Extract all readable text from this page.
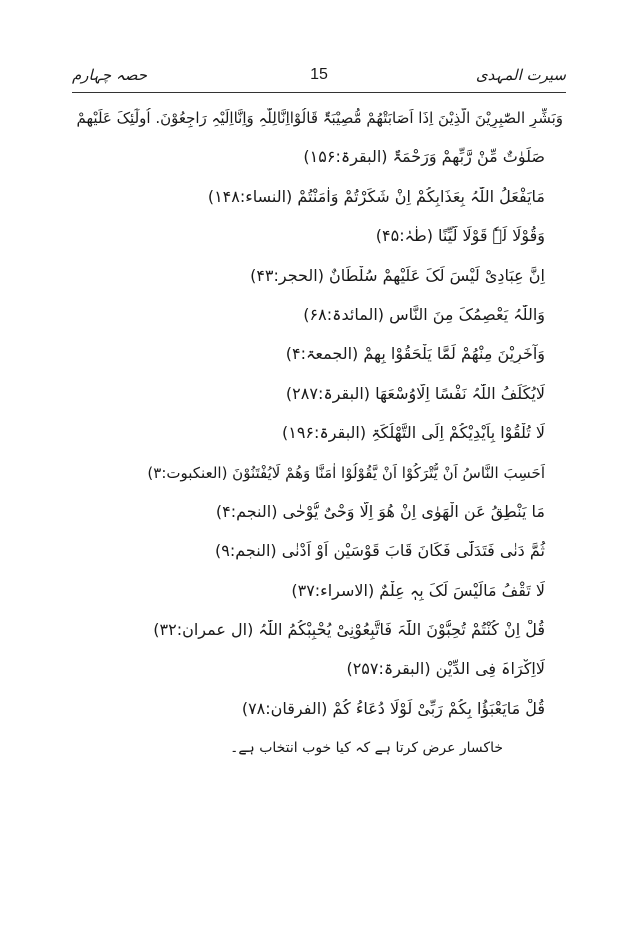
حصہ چہارم	15	سیرت المہدی
وَبَشِّرِ الصّٰبِرِیْنَ الَّذِیْنَ اِذَا اَصَابَتْھُمْ مُّصِیْبَۃٌ قَالُوْااِنَّالِلّٰہِ وَاِنَّااِلَیْہِ رَاجِعُوْنَ. اُولٰٓئِکَ عَلَیْھِمْ
صَلَوٰتٌ مِّنْ رَّبِّھِمْ وَرَحْمَۃٌ (البقرۃ:۱۵۶)
مَایَفْعَلُ اللّٰہُ بِعَذَابِکُمْ اِنْ شَکَرْتُمْ وَاٰمَنْتُمْ (النساء:۱۴۸)
وَقُوْلَا لَہٗ قَوْلًا لَّیِّنًا (طٰہٰ:۴۵)
اِنَّ عِبَادِیْ لَیْسَ لَکَ عَلَیْھِمْ سُلْطَانٌ (الحجر:۴۳)
وَاللّٰہُ یَعْصِمُکَ مِنَ النَّاسِ (المائدۃ:۶۸)
وَآخَرِیْنَ مِنْھُمْ لَمَّا یَلْحَقُوْا بِھِمْ (الجمعۃ:۴)
لَایُکَلِّفُ اللّٰہُ نَفْسًا اِلَّاوُسْعَھَا (البقرۃ:۲۸۷)
لَا تُلْقُوْا بِاَیْدِیْکُمْ اِلَی التَّھْلُکَۃِ (البقرۃ:۱۹۶)
اَحَسِبَ النَّاسُ اَنْ یُّتْرَکُوْا اَنْ یَّقُوْلُوْا اٰمَنَّا وَھُمْ لَایُفْتَنُوْنَ (العنکبوت:۳)
مَا یَنْطِقُ عَنِ الْھَوٰی اِنْ ھُوَ اِلَّا وَحْیٌ یُّوْحٰی (النجم:۴)
ثُمَّ دَنٰی فَتَدَلّٰی فَکَانَ قَابَ قَوْسَیْنِ اَوْ اَدْنٰی (النجم:۹)
لَا تَقْفُ مَالَیْسَ لَکَ بِہٖ عِلْمٌ (الاسراء:۳۷)
قُلْ اِنْ کُنْتُمْ تُحِبُّوْنَ اللّٰہَ فَاتَّبِعُوْنِیْ یُحْبِبْکُمُ اللّٰہُ (ال عمران:۳۲)
لَااِکْرَاہَ فِی الدِّیْنِ (البقرۃ:۲۵۷)
قُلْ مَایَعْبَؤُا بِکُمْ رَبِّیْ لَوْلَا دُعَاءُ کُمْ (الفرقان:۷۸)
خاکسار عرض کرتا ہے کہ کیا خوب انتخاب ہے۔
